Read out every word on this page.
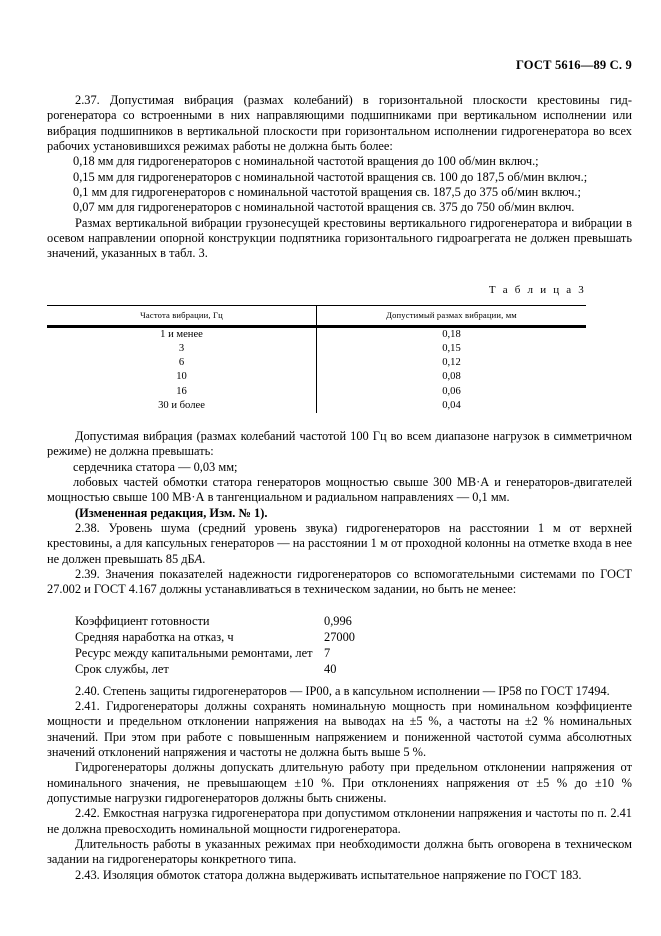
ГОСТ 5616—89 С. 9

2.37. Допустимая вибрация (размах колебаний) в горизонтальной плоскости крестовины гидрогенератора со встроенными в них направляющими подшипниками при вертикальном исполнении или вибрация подшипников в вертикальной плоскости при горизонтальном исполнении гидрогенератора во всех рабочих установившихся режимах работы не должна быть более:

0,18 мм для гидрогенераторов с номинальной частотой вращения до 100 об/мин включ.;

0,15 мм для гидрогенераторов с номинальной частотой вращения св. 100 до 187,5 об/мин включ.;

0,1 мм для гидрогенераторов с номинальной частотой вращения св. 187,5 до 375 об/мин включ.;

0,07 мм для гидрогенераторов с номинальной частотой вращения св. 375 до 750 об/мин включ.

Размах вертикальной вибрации грузонесущей крестовины вертикального гидрогенератора и вибрации в осевом направлении опорной конструкции подпятника горизонтального гидроагрегата не должен превышать значений, указанных в табл. 3.

Т а б л и ц а 3

Частота вибрации, Гц	Допустимый размах вибрации, мм
1 и менее	0,18
3	0,15
6	0,12
10	0,08
16	0,06
30 и более	0,04

Допустимая вибрация (размах колебаний частотой 100 Гц во всем диапазоне нагрузок в симметричном режиме) не должна превышать:

сердечника статора — 0,03 мм;

лобовых частей обмотки статора генераторов мощностью свыше 300 МВ·А и генераторов-двигателей мощностью свыше 100 МВ·А в тангенциальном и радиальном направлениях — 0,1 мм.

(Измененная редакция, Изм. № 1).

2.38. Уровень шума (средний уровень звука) гидрогенераторов на расстоянии 1 м от верхней крестовины, а для капсульных генераторов — на расстоянии 1 м от проходной колонны на отметке входа в нее не должен превышать 85 дБА.

2.39. Значения показателей надежности гидрогенераторов со вспомогательными системами по ГОСТ 27.002 и ГОСТ 4.167 должны устанавливаться в техническом задании, но быть не менее:

Коэффициент готовности	0,996
Средняя наработка на отказ, ч	27000
Ресурс между капитальными ремонтами, лет	7
Срок службы, лет	40

2.40. Степень защиты гидрогенераторов — IP00, а в капсульном исполнении — IP58 по ГОСТ 17494.

2.41. Гидрогенераторы должны сохранять номинальную мощность при номинальном коэффициенте мощности и предельном отклонении напряжения на выводах на ±5 %, а частоты на ±2 % номинальных значений. При этом при работе с повышенным напряжением и пониженной частотой сумма абсолютных значений отклонений напряжения и частоты не должна быть выше 5 %.

Гидрогенераторы должны допускать длительную работу при предельном отклонении напряжения от номинального значения, не превышающем ±10 %. При отклонениях напряжения от ±5 % до ±10 % допустимые нагрузки гидрогенераторов должны быть снижены.

2.42. Емкостная нагрузка гидрогенератора при допустимом отклонении напряжения и частоты по п. 2.41 не должна превосходить номинальной мощности гидрогенератора.

Длительность работы в указанных режимах при необходимости должна быть оговорена в техническом задании на гидрогенераторы конкретного типа.

2.43. Изоляция обмоток статора должна выдерживать испытательное напряжение по ГОСТ 183.
